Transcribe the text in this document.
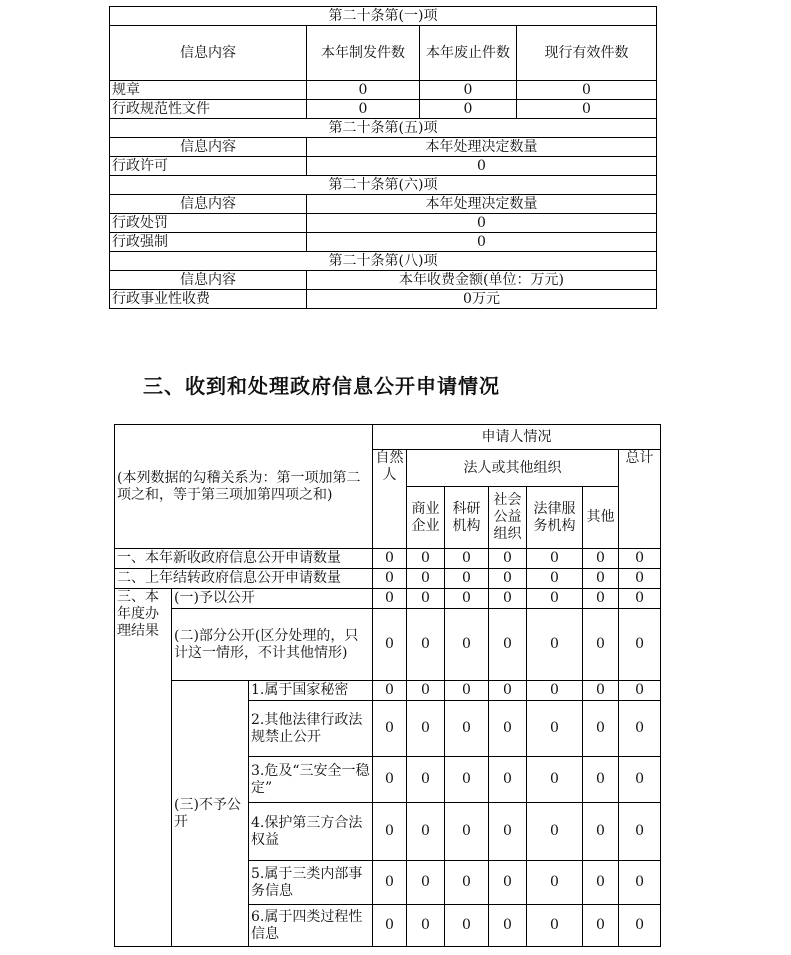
第二十条第(一)项			
信息内容	本年制发件数	本年废止件数	现行有效件数
规章	0	0	0
行政规范性文件	0	0	0
第二十条第(五)项			
信息内容	本年处理决定数量		
行政许可	0		
第二十条第(六)项			
信息内容	本年处理决定数量		
行政处罚	0		
行政强制	0		
第二十条第(八)项			
信息内容	本年收费金额(单位：万元)		
行政事业性收费	0万元		
三、收到和处理政府信息公开申请情况
(本列数据的勾稽关系为：第一项加第二项之和，等于第三项加第四项之和)			申请人情况						
			自然人	法人或其他组织					总计
				商业企业	科研机构	社会公益组织	法律服务机构	其他	
一、本年新收政府信息公开申请数量			0	0	0	0	0	0	0
二、上年结转政府信息公开申请数量			0	0	0	0	0	0	0
三、本年度办理结果	(一)予以公开		0	0	0	0	0	0	0
	(二)部分公开(区分处理的，只计这一情形，不计其他情形)		0	0	0	0	0	0	0
	(三)不予公开	1.属于国家秘密	0	0	0	0	0	0	0
		2.其他法律行政法规禁止公开	0	0	0	0	0	0	0
		3.危及“三安全一稳定”	0	0	0	0	0	0	0
		4.保护第三方合法权益	0	0	0	0	0	0	0
		5.属于三类内部事务信息	0	0	0	0	0	0	0
		6.属于四类过程性信息	0	0	0	0	0	0	0
